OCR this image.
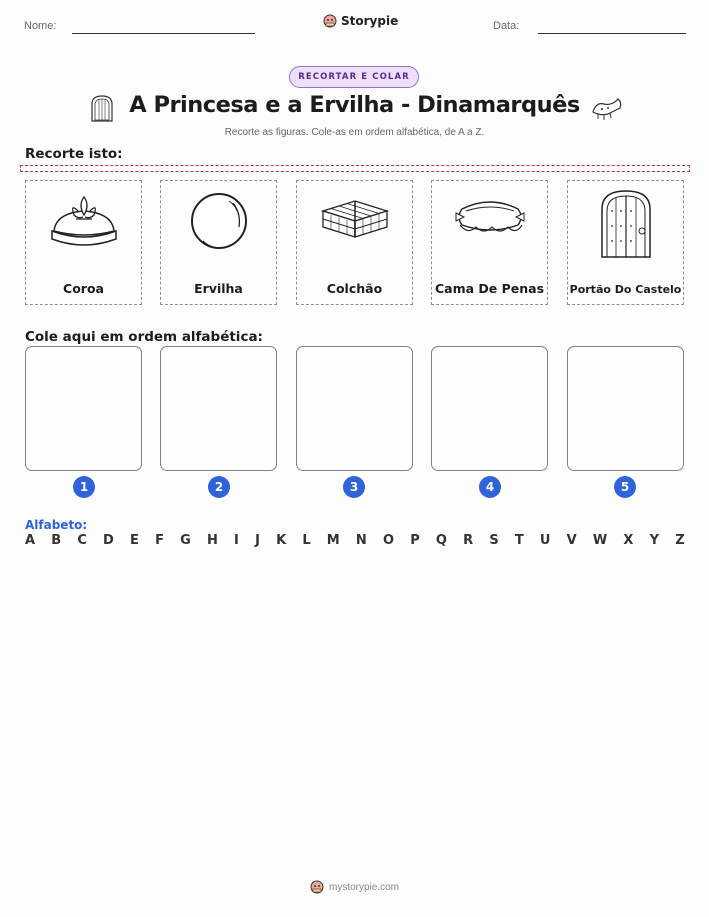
Nome:	Storypie	Data:
RECORTAR E COLAR
A Princesa e a Ervilha - Dinamarquês
Recorte as figuras. Cole-as em ordem alfabética, de A a Z.
Recorte isto:
Coroa	Ervilha	Colchão	Cama De Penas Portão Do Castelo
Cole aqui em ordem alfabética:
1	2	3	4	5
Alfabeto:
A B C D E F G H I J K L M N O P Q R S T U V W X Y Z
mystorypie.com
